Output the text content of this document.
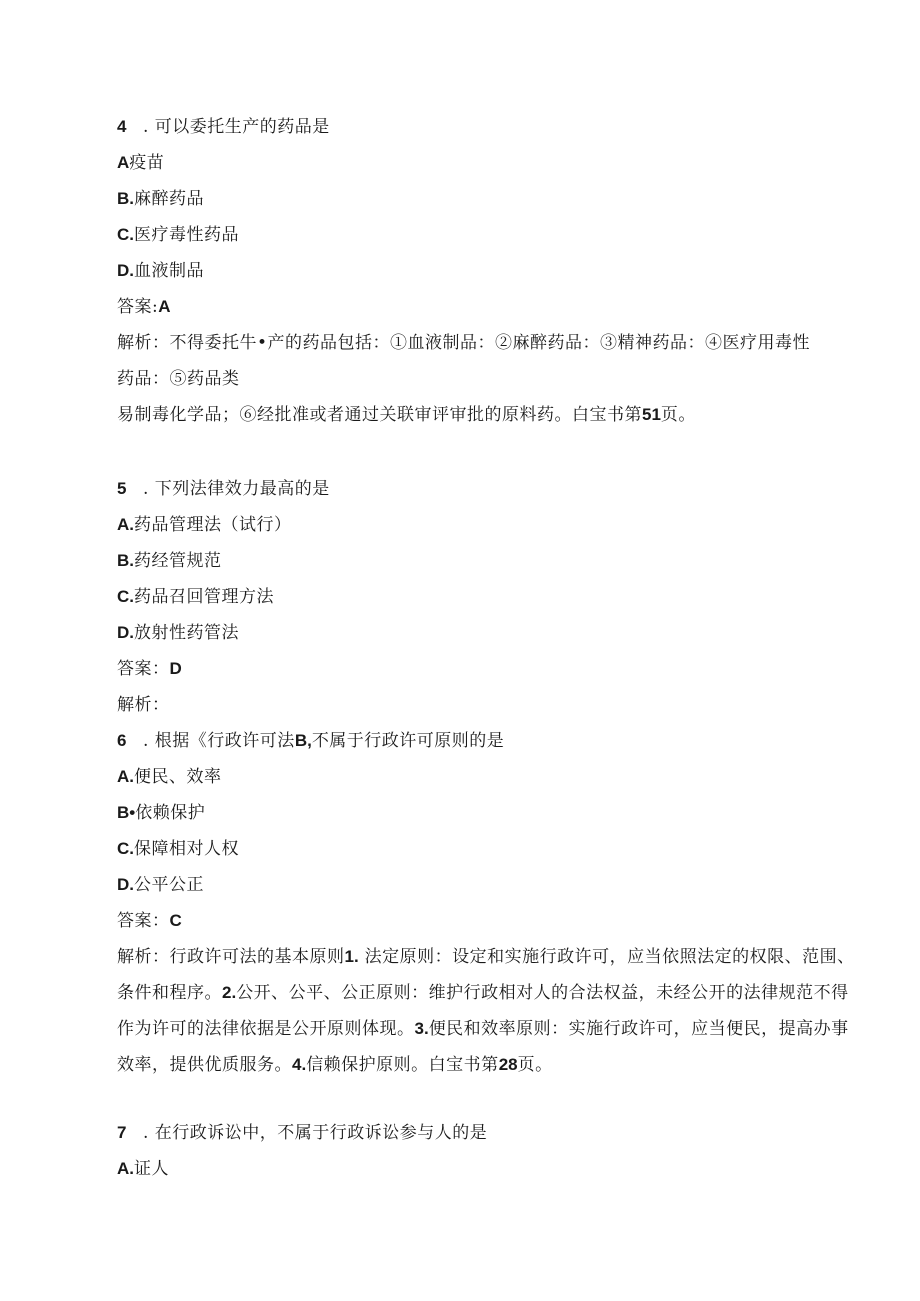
4 . 可以委托生产的药品是
A疫苗
B.麻醉药品
C.医疗毒性药品
D.血液制品
答案:A
解析：不得委托牛•产的药品包括：①血液制品：②麻醉药品：③精神药品：④医疗用毒性
药品：⑤药品类
易制毒化学品；⑥经批准或者通过关联审评审批的原料药。白宝书第51页。
5 . 下列法律效力最高的是
A.药品管理法（试行）
B.药经管规范
C.药品召回管理方法
D.放射性药管法
答案：D
解析：
6 . 根据《行政许可法B,不属于行政许可原则的是
A.便民、效率
B•依赖保护
C.保障相对人权
D.公平公正
答案：C
解析：行政许可法的基本原则1. 法定原则：设定和实施行政许可，应当依照法定的权限、范围、条件和程序。2.公开、公平、公正原则：维护行政相对人的合法权益，未经公开的法律规范不得作为许可的法律依据是公开原则体现。3.便民和效率原则：实施行政许可，应当便民，提高办事效率，提供优质服务。4.信赖保护原则。白宝书第28页。
7 . 在行政诉讼中，不属于行政诉讼参与人的是
A.证人
